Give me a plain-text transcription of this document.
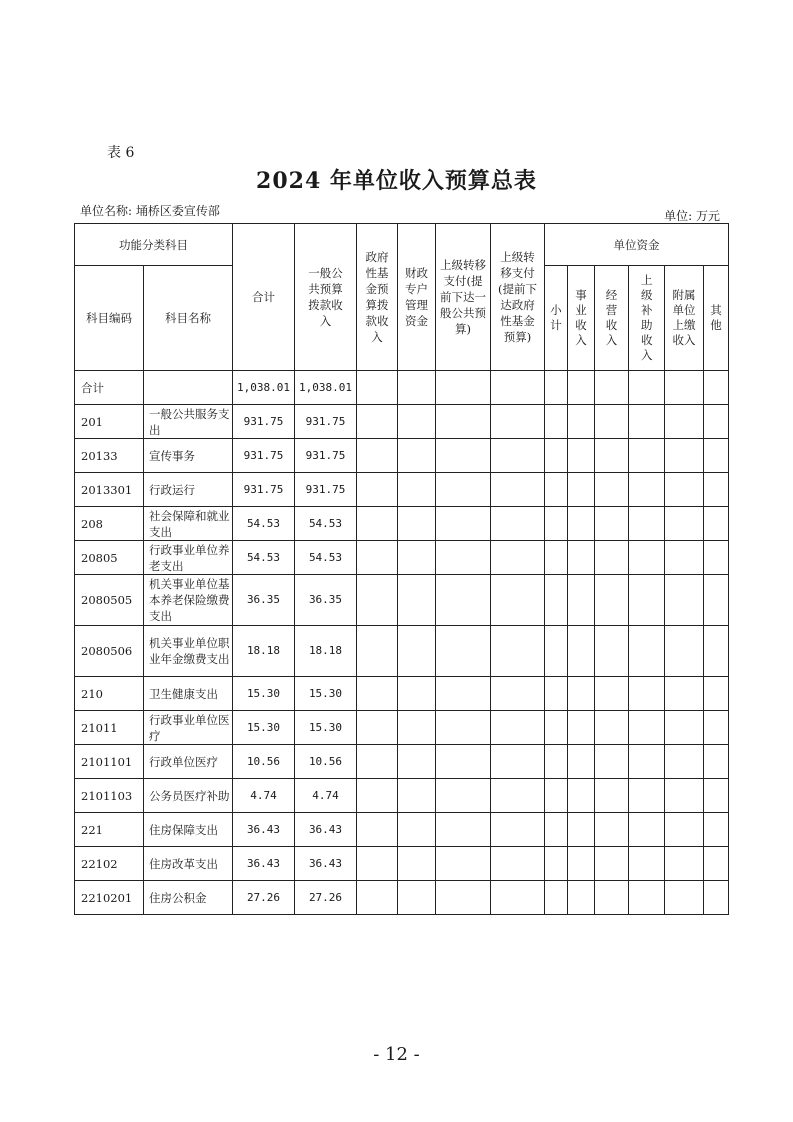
表 6
2024 年单位收入预算总表
单位名称: 埇桥区委宣传部	单位: 万元
功能分类科目		合计	一般公共预算拨款收入	政府性基金预算拨款收入	财政专户管理资金	上级转移支付(提前下达一般公共预算)	上级转移支付(提前下达政府性基金预算)	单位资金					
科目编码	科目名称							小计	事业收入	经营收入	上级补助收入	附属单位上缴收入	其他
合计		1,038.01	1,038.01										
201	一般公共服务支出	931.75	931.75										
20133	宣传事务	931.75	931.75										
2013301	行政运行	931.75	931.75										
208	社会保障和就业支出	54.53	54.53										
20805	行政事业单位养老支出	54.53	54.53										
2080505	机关事业单位基本养老保险缴费支出	36.35	36.35										
2080506	机关事业单位职业年金缴费支出	18.18	18.18										
210	卫生健康支出	15.30	15.30										
21011	行政事业单位医疗	15.30	15.30										
2101101	行政单位医疗	10.56	10.56										
2101103	公务员医疗补助	4.74	4.74										
221	住房保障支出	36.43	36.43										
22102	住房改革支出	36.43	36.43										
2210201	住房公积金	27.26	27.26										
- 12 -
